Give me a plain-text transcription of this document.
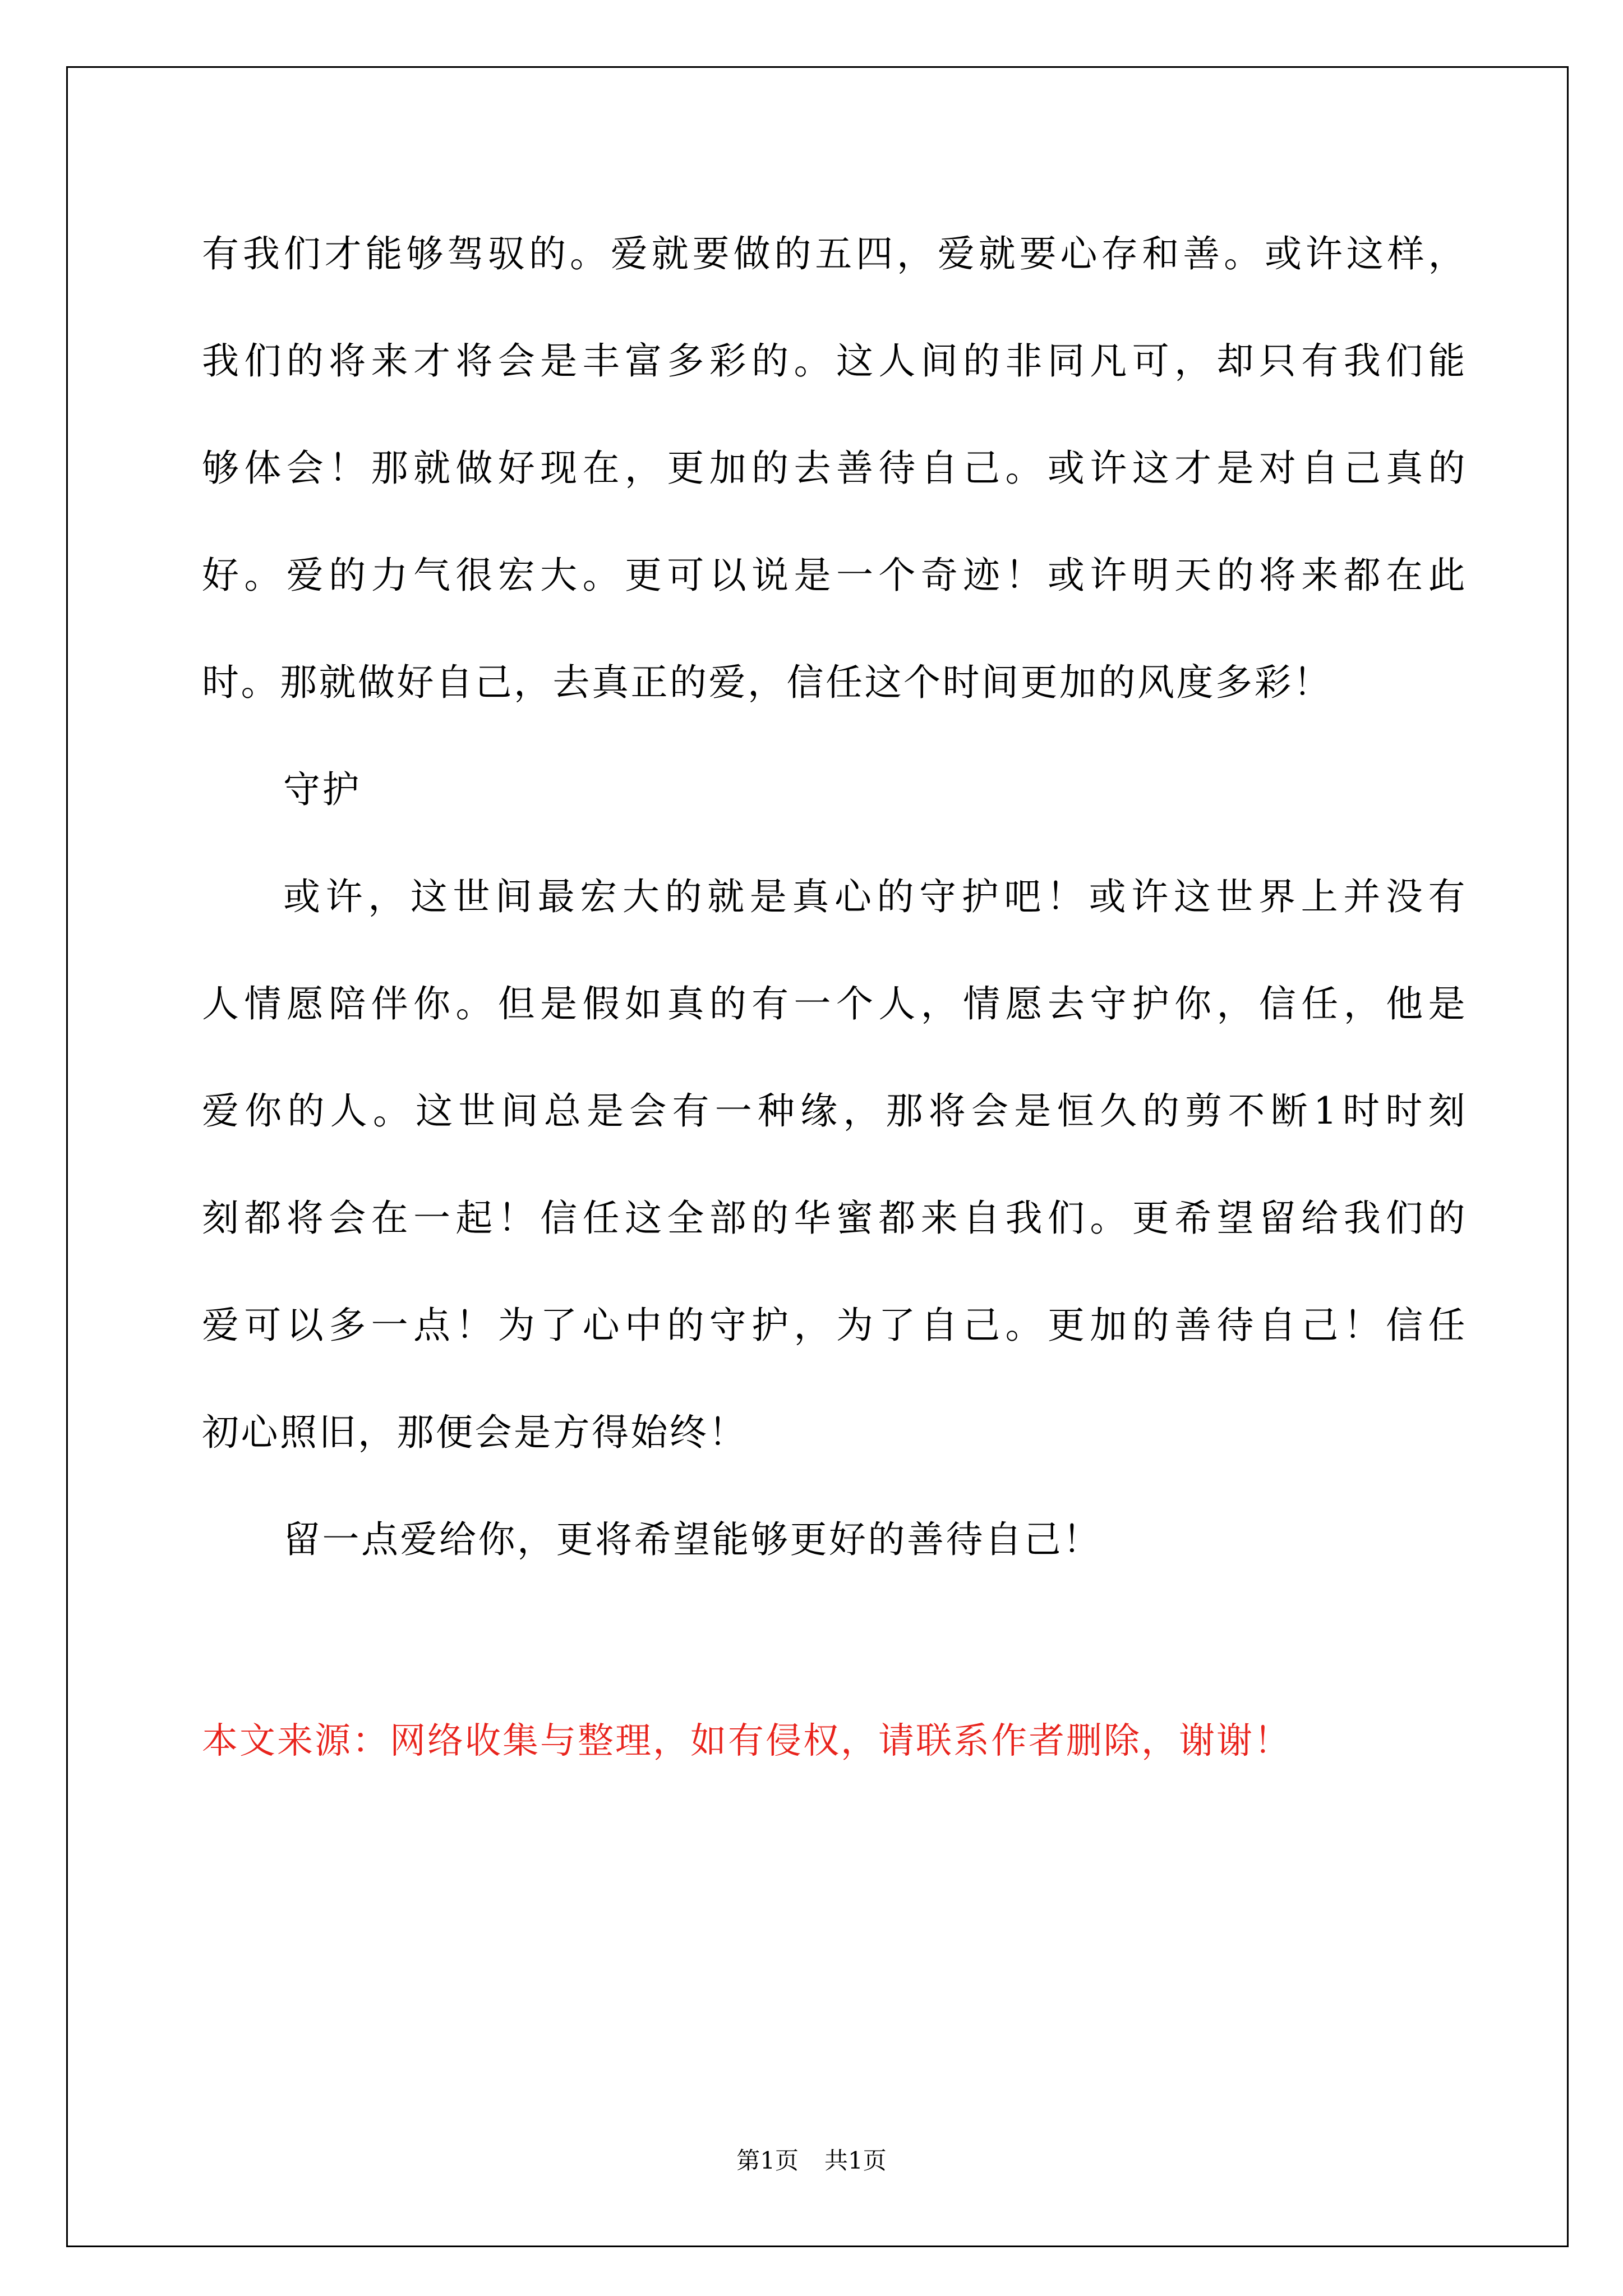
有我们才能够驾驭的。爱就要做的五四，爱就要心存和善。或许这样，
我们的将来才将会是丰富多彩的。这人间的非同凡可，却只有我们能
够体会！那就做好现在，更加的去善待自己。或许这才是对自己真的
好。爱的力气很宏大。更可以说是一个奇迹！或许明天的将来都在此
时。那就做好自己，去真正的爱，信任这个时间更加的风度多彩！
守护
或许，这世间最宏大的就是真心的守护吧！或许这世界上并没有
人情愿陪伴你。但是假如真的有一个人，情愿去守护你，信任，他是
爱你的人。这世间总是会有一种缘，那将会是恒久的剪不断1时时刻
刻都将会在一起！信任这全部的华蜜都来自我们。更希望留给我们的
爱可以多一点！为了心中的守护，为了自己。更加的善待自己！信任
初心照旧，那便会是方得始终！
留一点爱给你，更将希望能够更好的善待自己！
本文来源：网络收集与整理，如有侵权，请联系作者删除，谢谢！
第1页 共1页
